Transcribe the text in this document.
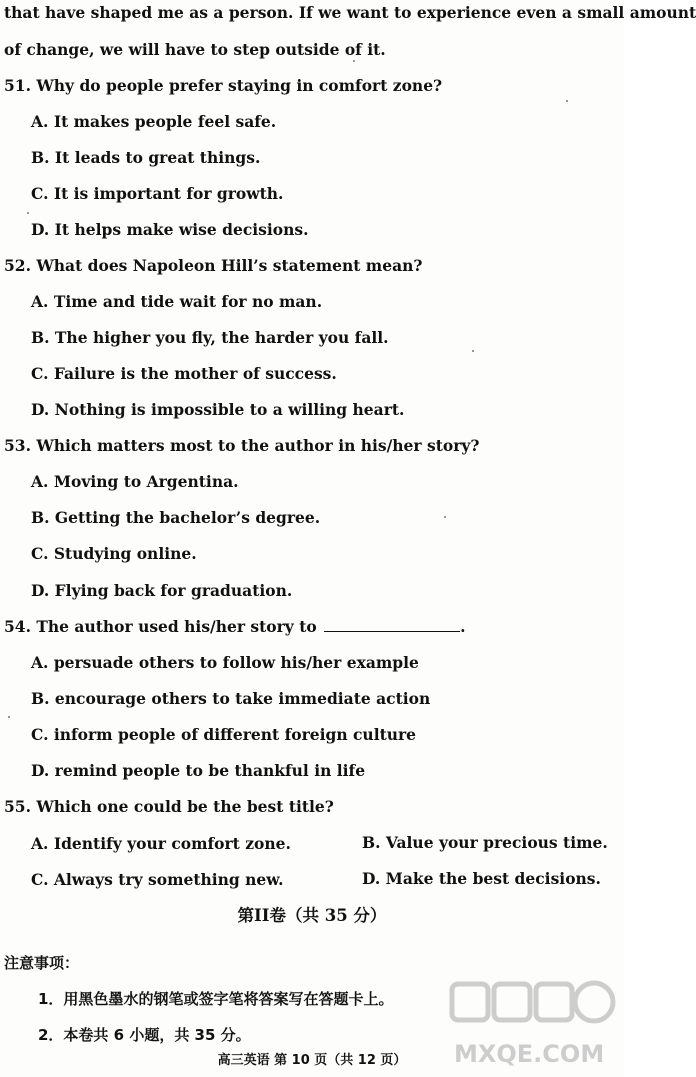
that have shaped me as a person. If we want to experience even a small amount
of change, we will have to step outside of it.
51. Why do people prefer staying in comfort zone?
A. It makes people feel safe.
B. It leads to great things.
C. It is important for growth.
D. It helps make wise decisions.
52. What does Napoleon Hill’s statement mean?
A. Time and tide wait for no man.
B. The higher you fly, the harder you fall.
C. Failure is the mother of success.
D. Nothing is impossible to a willing heart.
53. Which matters most to the author in his/her story?
A. Moving to Argentina.
B. Getting the bachelor’s degree.
C. Studying online.
D. Flying back for graduation.
54. The author used his/her story to	.
A. persuade others to follow his/her example
B. encourage others to take immediate action
C. inform people of different foreign culture
D. remind people to be thankful in life
55. Which one could be the best title?
A. Identify your comfort zone.	B. Value your precious time.
C. Always try something new.	D. Make the best decisions.
第II卷（共 35 分）
注意事项：
1．用黑色墨水的钢笔或签字笔将答案写在答题卡上。
2．本卷共 6 小题，共 35 分。
高三英语 第 10 页（共 12 页）	MXQE.COM
